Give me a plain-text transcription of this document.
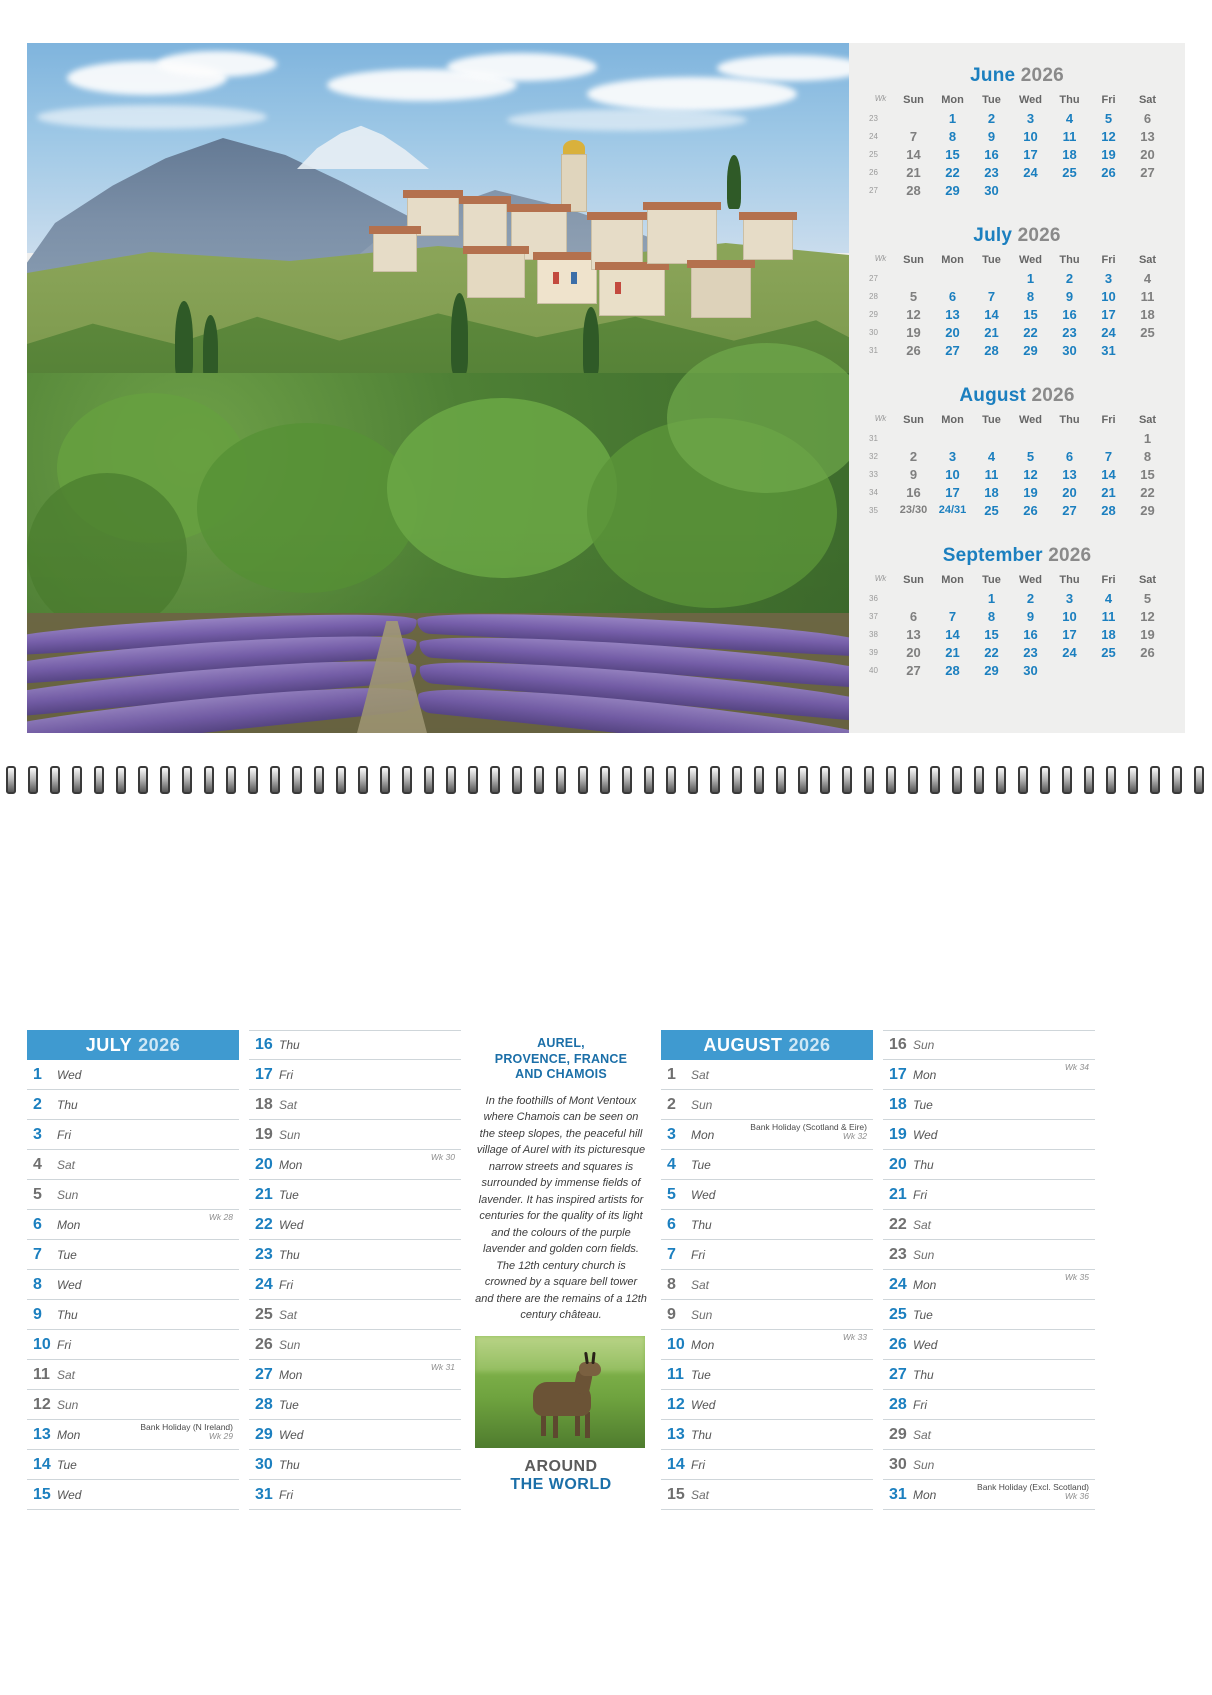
June 2026
Wk	Sun	Mon	Tue	Wed	Thu	Fri	Sat
23		1	2	3	4	5	6
24	7	8	9	10	11	12	13
25	14	15	16	17	18	19	20
26	21	22	23	24	25	26	27
27	28	29	30				
July 2026
Wk	Sun	Mon	Tue	Wed	Thu	Fri	Sat
27				1	2	3	4
28	5	6	7	8	9	10	11
29	12	13	14	15	16	17	18
30	19	20	21	22	23	24	25
31	26	27	28	29	30	31	
August 2026
Wk	Sun	Mon	Tue	Wed	Thu	Fri	Sat
31							1
32	2	3	4	5	6	7	8
33	9	10	11	12	13	14	15
34	16	17	18	19	20	21	22
35	23/30	24/31	25	26	27	28	29
September 2026
Wk	Sun	Mon	Tue	Wed	Thu	Fri	Sat
36			1	2	3	4	5
37	6	7	8	9	10	11	12
38	13	14	15	16	17	18	19
39	20	21	22	23	24	25	26
40	27	28	29	30			
JULY 2026
1	Wed
2	Thu
3	Fri
4	Sat
5	Sun
6	Mon
Wk 28
7	Tue
8	Wed
9	Thu
10 Fri
11 Sat
12 Sun
13 Mon
Bank Holiday (N Ireland)
Wk 29
14 Tue
15 Wed
16 Thu
17 Fri
18 Sat
19 Sun
20 Mon
Wk 30
21 Tue
22 Wed
23 Thu
24 Fri
25 Sat
26 Sun
27 Mon
Wk 31
28 Tue
29 Wed
30 Thu
31 Fri
AUREL,
PROVENCE, FRANCE
AND CHAMOIS
In the foothills of Mont Ventoux where Chamois can be seen on the steep slopes, the peaceful hill village of Aurel with its picturesque narrow streets and squares is surrounded by immense fields of lavender. It has inspired artists for centuries for the quality of its light and the colours of the purple lavender and golden corn fields. The 12th century church is crowned by a square bell tower and there are the remains of a 12th century château.
AROUND
THE WORLD
AUGUST 2026
1	Sat
2	Sun
3	Mon
Bank Holiday (Scotland & Eire)
Wk 32
4	Tue
5	Wed
6	Thu
7	Fri
8	Sat
9	Sun
10 Mon
Wk 33
11 Tue
12 Wed
13 Thu
14 Fri
15 Sat
16 Sun
17 Mon
Wk 34
18 Tue
19 Wed
20 Thu
21 Fri
22 Sat
23 Sun
24 Mon
Wk 35
25 Tue
26 Wed
27 Thu
28 Fri
29 Sat
30 Sun
31 Mon
Bank Holiday (Excl. Scotland)
Wk 36
